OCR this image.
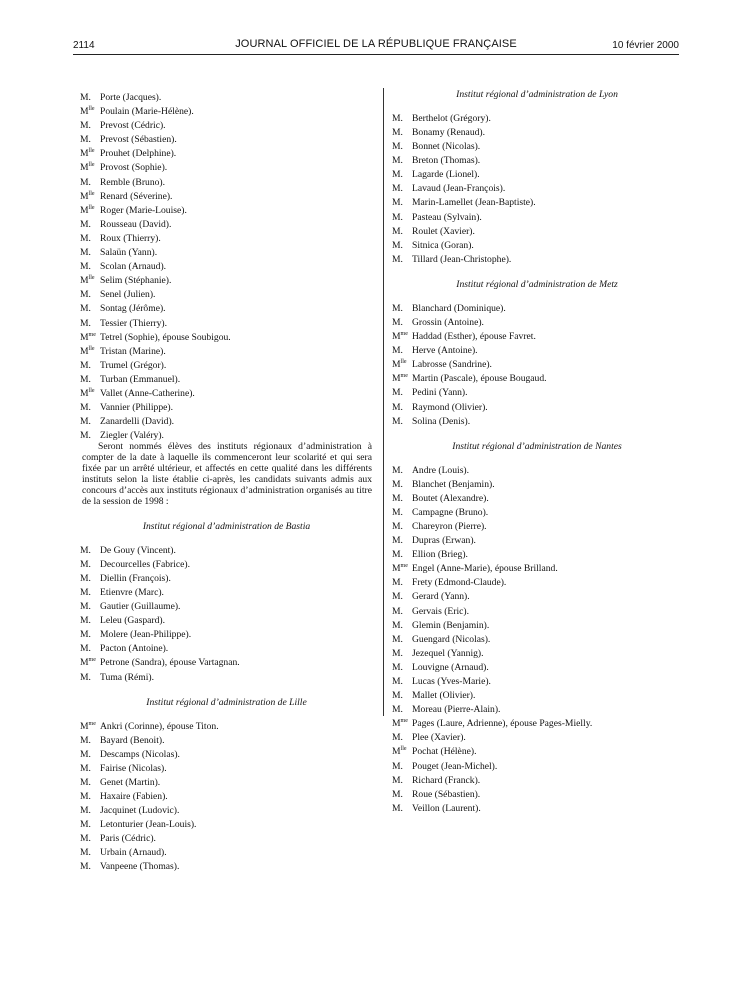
2114	JOURNAL OFFICIEL DE LA RÉPUBLIQUE FRANÇAISE	10 février 2000
M. Porte (Jacques).
$M^{lle}$ Poulain (Marie-Hélène).
M. Prevost (Cédric).
M. Prevost (Sébastien).
$M^{lle}$ Prouhet (Delphine).
$M^{lle}$ Provost (Sophie).
M. Remble (Bruno).
$M^{lle}$ Renard (Séverine).
$M^{lle}$ Roger (Marie-Louise).
M. Rousseau (David).
M. Roux (Thierry).
M. Salaün (Yann).
M. Scolan (Arnaud).
$M^{lle}$ Selim (Stéphanie).
M. Senel (Julien).
M. Sontag (Jérôme).
M. Tessier (Thierry).
$M^{me}$ Tetrel (Sophie), épouse Soubigou.
$M^{lle}$ Tristan (Marine).
M. Trumel (Grégor).
M. Turban (Emmanuel).
$M^{lle}$ Vallet (Anne-Catherine).
M. Vannier (Philippe).
M. Zanardelli (David).
M. Ziegler (Valéry).

Seront nommés élèves des instituts régionaux d’administration à compter de la date à laquelle ils commenceront leur scolarité et qui sera fixée par un arrêté ultérieur, et affectés en cette qualité dans les différents instituts selon la liste établie ci-après, les candidats suivants admis aux concours d’accès aux instituts régionaux d’administration organisés au titre de la session de 1998 :

Institut régional d’administration de Bastia
M. De Gouy (Vincent).
M. Decourcelles (Fabrice).
M. Diellin (François).
M. Etienvre (Marc).
M. Gautier (Guillaume).
M. Leleu (Gaspard).
M. Molere (Jean-Philippe).
M. Pacton (Antoine).
$M^{me}$ Petrone (Sandra), épouse Vartagnan.
M. Tuma (Rémi).
Institut régional d’administration de Lille
$M^{me}$ Ankri (Corinne), épouse Titon.
M. Bayard (Benoit).
M. Descamps (Nicolas).
M. Fairise (Nicolas).
M. Genet (Martin).
M. Haxaire (Fabien).
M. Jacquinet (Ludovic).
M. Letonturier (Jean-Louis).
M. Paris (Cédric).
M. Urbain (Arnaud).
M. Vanpeene (Thomas).
Institut régional d’administration de Lyon
M. Berthelot (Grégory).
M. Bonamy (Renaud).
M. Bonnet (Nicolas).
M. Breton (Thomas).
M. Lagarde (Lionel).
M. Lavaud (Jean-François).
M. Marin-Lamellet (Jean-Baptiste).
M. Pasteau (Sylvain).
M. Roulet (Xavier).
M. Sitnica (Goran).
M. Tillard (Jean-Christophe).
Institut régional d’administration de Metz
M. Blanchard (Dominique).
M. Grossin (Antoine).
$M^{me}$ Haddad (Esther), épouse Favret.
M. Herve (Antoine).
$M^{lle}$ Labrosse (Sandrine).
$M^{me}$ Martin (Pascale), épouse Bougaud.
M. Pedini (Yann).
M. Raymond (Olivier).
M. Solina (Denis).
Institut régional d’administration de Nantes
M. Andre (Louis).
M. Blanchet (Benjamin).
M. Boutet (Alexandre).
M. Campagne (Bruno).
M. Chareyron (Pierre).
M. Dupras (Erwan).
M. Ellion (Brieg).
$M^{me}$ Engel (Anne-Marie), épouse Brilland.
M. Frety (Edmond-Claude).
M. Gerard (Yann).
M. Gervais (Eric).
M. Glemin (Benjamin).
M. Guengard (Nicolas).
M. Jezequel (Yannig).
M. Louvigne (Arnaud).
M. Lucas (Yves-Marie).
M. Mallet (Olivier).
M. Moreau (Pierre-Alain).
$M^{me}$ Pages (Laure, Adrienne), épouse Pages-Mielly.
M. Plee (Xavier).
$M^{lle}$ Pochat (Hélène).
M. Pouget (Jean-Michel).
M. Richard (Franck).
M. Roue (Sébastien).
M. Veillon (Laurent).
